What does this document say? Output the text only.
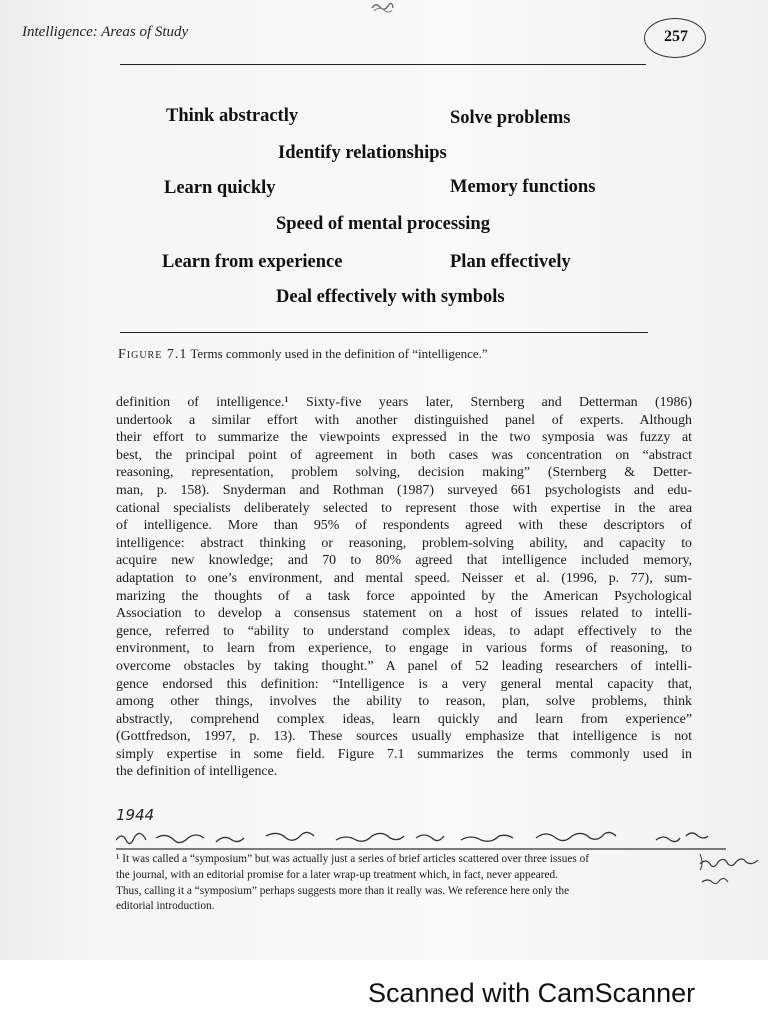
Intelligence: Areas of Study	257
Think abstractly	Solve problems
Identify relationships
Learn quickly	Memory functions
Speed of mental processing
Learn from experience	Plan effectively
Deal effectively with symbols
Figure 7.1 Terms commonly used in the definition of “intelligence.”
definition of intelligence.¹ Sixty-five years later, Sternberg and Detterman (1986)
undertook a similar effort with another distinguished panel of experts. Although
their effort to summarize the viewpoints expressed in the two symposia was fuzzy at
best, the principal point of agreement in both cases was concentration on “abstract
reasoning, representation, problem solving, decision making” (Sternberg & Detter-
man, p. 158). Snyderman and Rothman (1987) surveyed 661 psychologists and edu-
cational specialists deliberately selected to represent those with expertise in the area
of intelligence. More than 95% of respondents agreed with these descriptors of
intelligence: abstract thinking or reasoning, problem-solving ability, and capacity to
acquire new knowledge; and 70 to 80% agreed that intelligence included memory,
adaptation to one’s environment, and mental speed. Neisser et al. (1996, p. 77), sum-
marizing the thoughts of a task force appointed by the American Psychological
Association to develop a consensus statement on a host of issues related to intelli-
gence, referred to “ability to understand complex ideas, to adapt effectively to the
environment, to learn from experience, to engage in various forms of reasoning, to
overcome obstacles by taking thought.” A panel of 52 leading researchers of intelli-
gence endorsed this definition: “Intelligence is a very general mental capacity that,
among other things, involves the ability to reason, plan, solve problems, think
abstractly, comprehend complex ideas, learn quickly and learn from experience”
(Gottfredson, 1997, p. 13). These sources usually emphasize that intelligence is not
simply expertise in some field. Figure 7.1 summarizes the terms commonly used in
the definition of intelligence.
1944
¹ It was called a “symposium” but was actually just a series of brief articles scattered over three issues of
the journal, with an editorial promise for a later wrap-up treatment which, in fact, never appeared.
Thus, calling it a “symposium” perhaps suggests more than it really was. We reference here only the
editorial introduction.
Scanned with CamScanner
